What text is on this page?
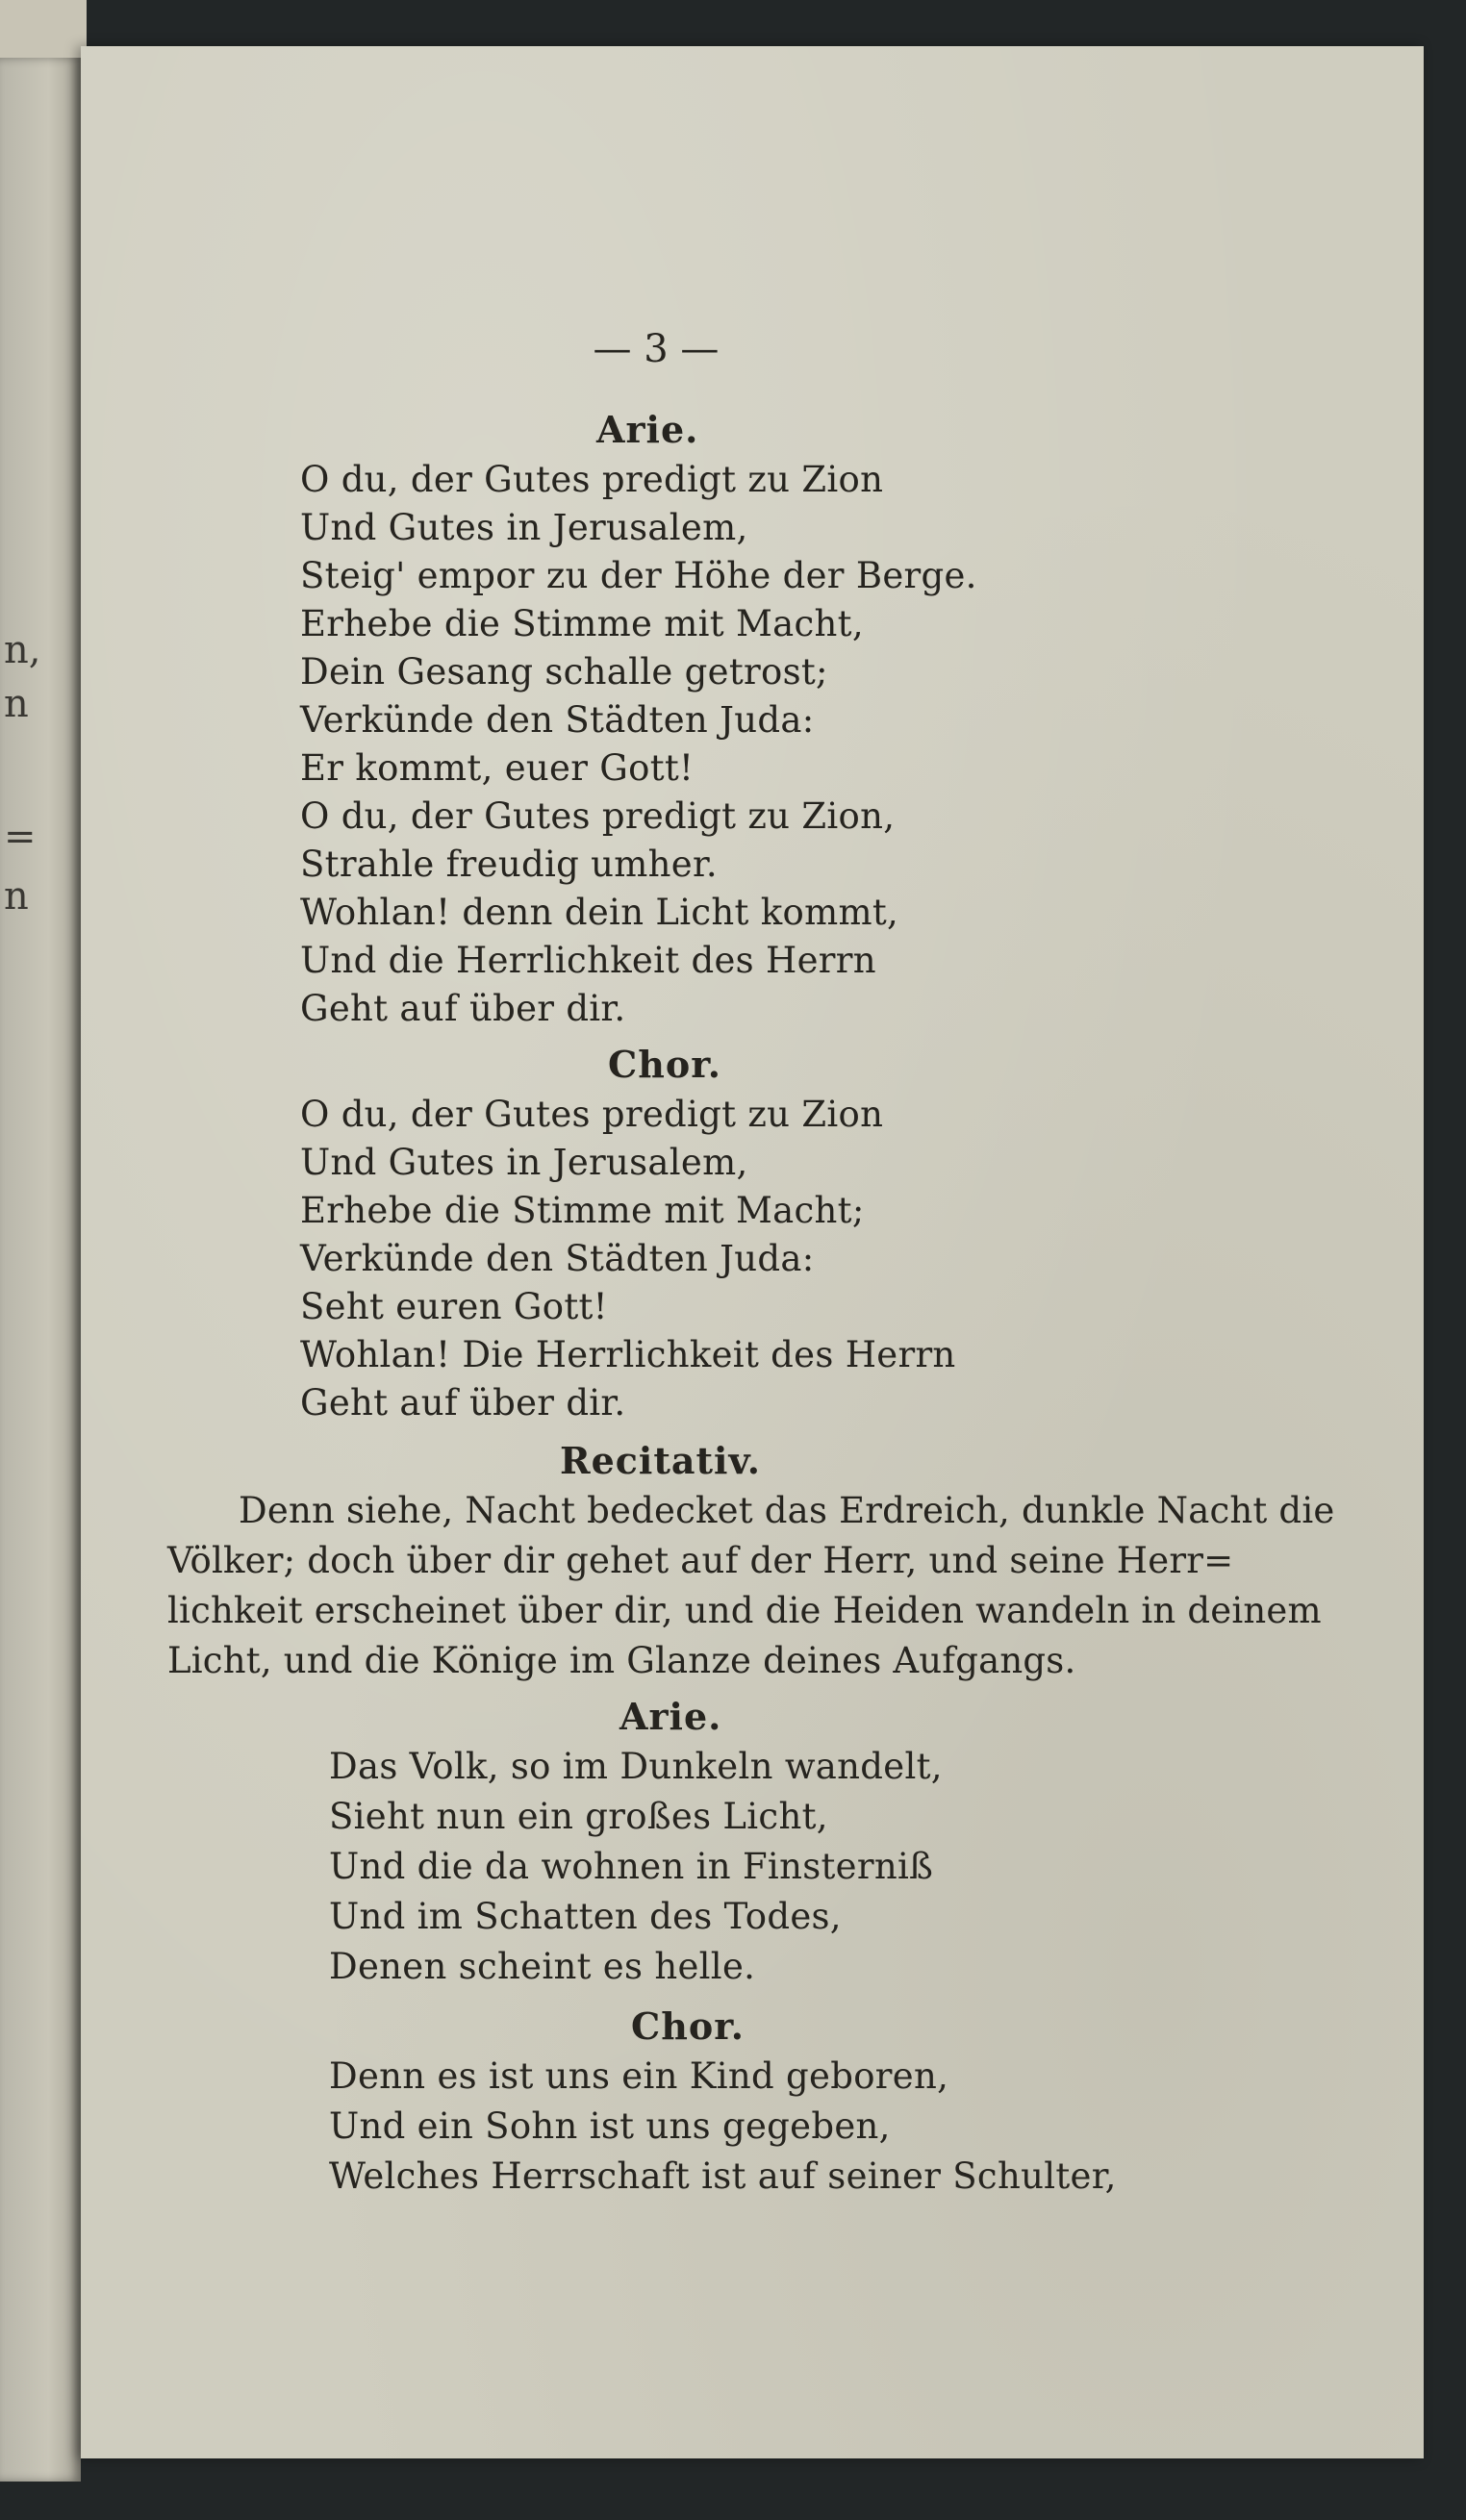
n,
n
=
n
— 3 —
Arie.
O du, der Gutes predigt zu Zion
Und Gutes in Jerusalem,
Steig' empor zu der Höhe der Berge.
Erhebe die Stimme mit Macht,
Dein Gesang schalle getrost;
Verkünde den Städten Juda:
Er kommt, euer Gott!
O du, der Gutes predigt zu Zion,
Strahle freudig umher.
Wohlan! denn dein Licht kommt,
Und die Herrlichkeit des Herrn
Geht auf über dir.
Chor.
O du, der Gutes predigt zu Zion
Und Gutes in Jerusalem,
Erhebe die Stimme mit Macht;
Verkünde den Städten Juda:
Seht euren Gott!
Wohlan! Die Herrlichkeit des Herrn
Geht auf über dir.
Recitativ.
Denn siehe, Nacht bedecket das Erdreich, dunkle Nacht die
Völker; doch über dir gehet auf der Herr, und seine Herr=
lichkeit erscheinet über dir, und die Heiden wandeln in deinem
Licht, und die Könige im Glanze deines Aufgangs.
Arie.
Das Volk, so im Dunkeln wandelt,
Sieht nun ein großes Licht,
Und die da wohnen in Finsterniß
Und im Schatten des Todes,
Denen scheint es helle.
Chor.
Denn es ist uns ein Kind geboren,
Und ein Sohn ist uns gegeben,
Welches Herrschaft ist auf seiner Schulter,
